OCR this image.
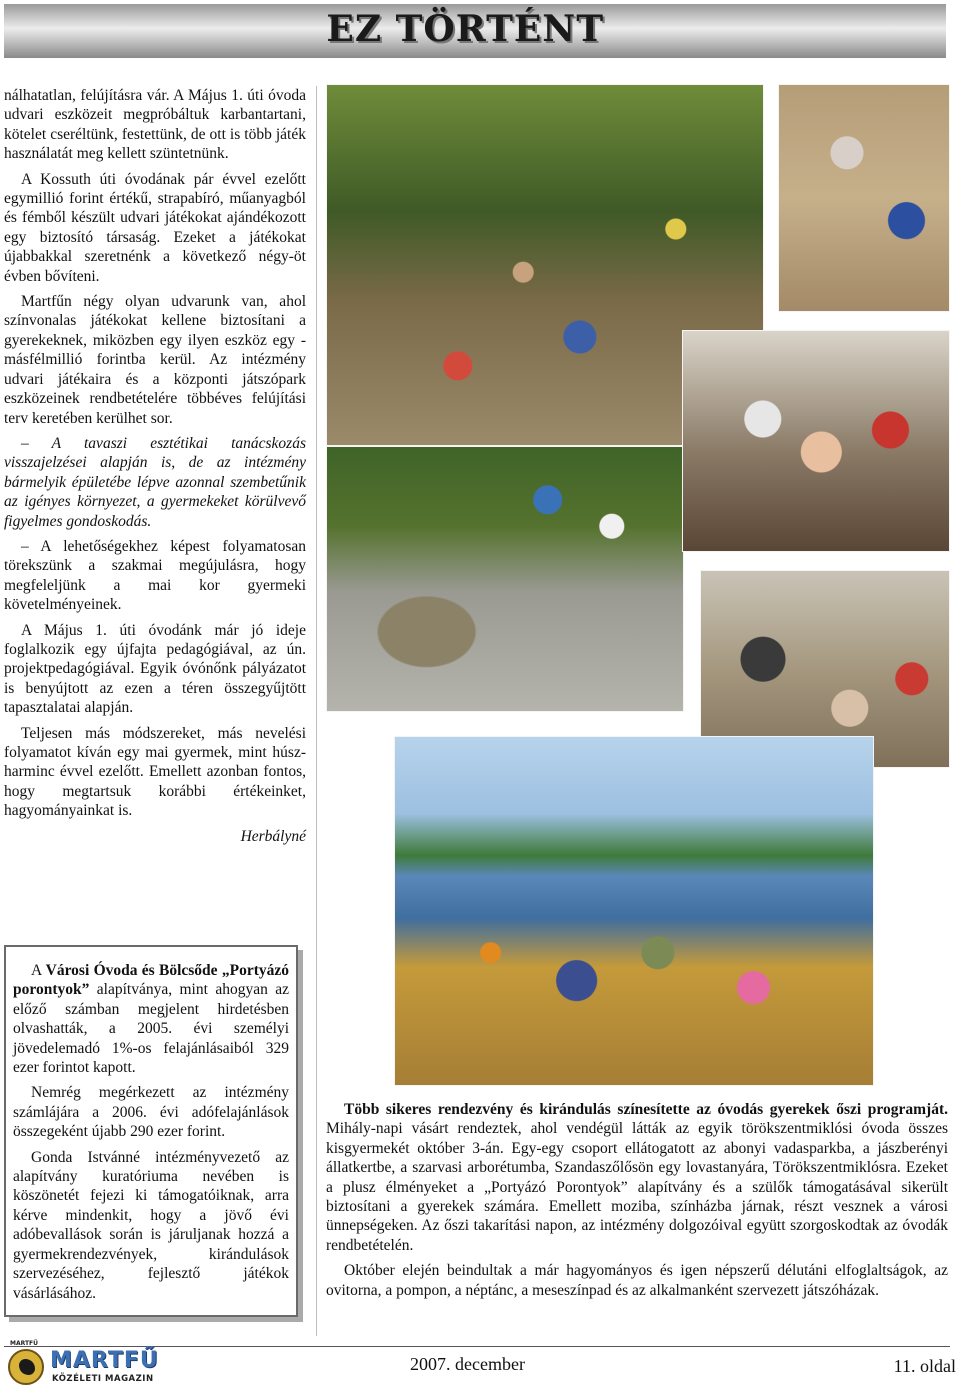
EZ TÖRTÉNT

nálhatatlan, felújításra vár. A Május 1. úti óvoda udvari eszközeit megpróbáltuk karbantartani, kötelet cseréltünk, festettünk, de ott is több játék használatát meg kellett szüntetnünk.

A Kossuth úti óvodának pár évvel ezelőtt egymillió forint értékű, strapabíró, műanyagból és fémből készült udvari játékokat ajándékozott egy biztosító társaság. Ezeket a játékokat újabbakkal szeretnénk a következő négy-öt évben bővíteni.

Martfűn négy olyan udvarunk van, ahol színvonalas játékokat kellene biztosítani a gyerekeknek, miközben egy ilyen eszköz egy - másfélmillió forintba kerül. Az intézmény udvari játékaira és a központi játszópark eszközeinek rendbetételére többéves felújítási terv keretében kerülhet sor.

– A tavaszi esztétikai tanácskozás visszajelzései alapján is, de az intézmény bármelyik épületébe lépve azonnal szembetűnik az igényes környezet, a gyermekeket körülvevő figyelmes gondoskodás.

– A lehetőségekhez képest folyamatosan törekszünk a szakmai megújulásra, hogy megfeleljünk a mai kor gyermeki követelményeinek.

A Május 1. úti óvodánk már jó ideje foglalkozik egy újfajta pedagógiával, az ún. projektpedagógiával. Egyik óvónőnk pályázatot is benyújtott az ezen a téren összegyűjtött tapasztalatai alapján.

Teljesen más módszereket, más nevelési folyamatot kíván egy mai gyermek, mint húsz-harminc évvel ezelőtt. Emellett azonban fontos, hogy megtartsuk korábbi értékeinket, hagyományainkat is.

Herbályné

A Városi Óvoda és Bölcsőde „Portyázó porontyok” alapítványa, mint ahogyan az előző számban megjelent hirdetésben olvashatták, a 2005. évi személyi jövedelemadó 1%-os felajánlásaiból 329 ezer forintot kapott.

Nemrég megérkezett az intézmény számlájára a 2006. évi adófelajánlások összegeként újabb 290 ezer forint.

Gonda Istvánné intézményvezető az alapítvány kuratóriuma nevében is köszönetét fejezi ki támogatóiknak, arra kérve mindenkit, hogy a jövő évi adóbevallások során is járuljanak hozzá a gyermekrendezvények, kirándulások szervezéséhez, fejlesztő játékok vásárlásához.

Több sikeres rendezvény és kirándulás színesítette az óvodás gyerekek őszi programját. Mihály-napi vásárt rendeztek, ahol vendégül látták az egyik törökszentmiklósi óvoda összes kisgyermekét október 3-án. Egy-egy csoport ellátogatott az abonyi vadasparkba, a jászberényi állatkertbe, a szarvasi arborétumba, Szandaszőlősön egy lovastanyára, Törökszentmiklósra. Ezeket a plusz élményeket a „Portyázó Porontyok” alapítvány és a szülők támogatásával sikerült biztosítani a gyerekek számára. Emellett moziba, színházba járnak, részt vesznek a városi ünnepségeken. Az őszi takarítási napon, az intézmény dolgozóival együtt szorgoskodtak az óvodák rendbetételén.

Október elején beindultak a már hagyományos és igen népszerű délutáni elfoglaltságok, az ovitorna, a pompon, a néptánc, a meseszínpad és az alkalmanként szervezett játszóházak.

MARTFŰ
MARTFŰ
KÖZÉLETI MAGAZIN
2007. december	11. oldal
